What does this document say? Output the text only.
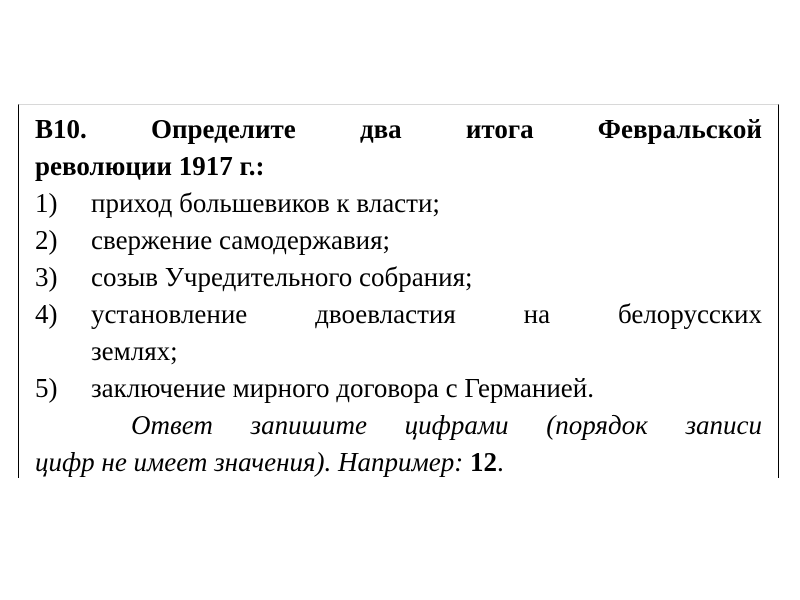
В10. Определите два итога Февральской
революции 1917 г.:
1) приход большевиков к власти;
2) свержение самодержавия;
3) созыв Учредительного собрания;
4) установление	двоевластия	на	белорусских
землях;
5) заключение мирного договора с Германией.
Ответ запишите цифрами (порядок записи
цифр не имеет значения). Например: 12.
